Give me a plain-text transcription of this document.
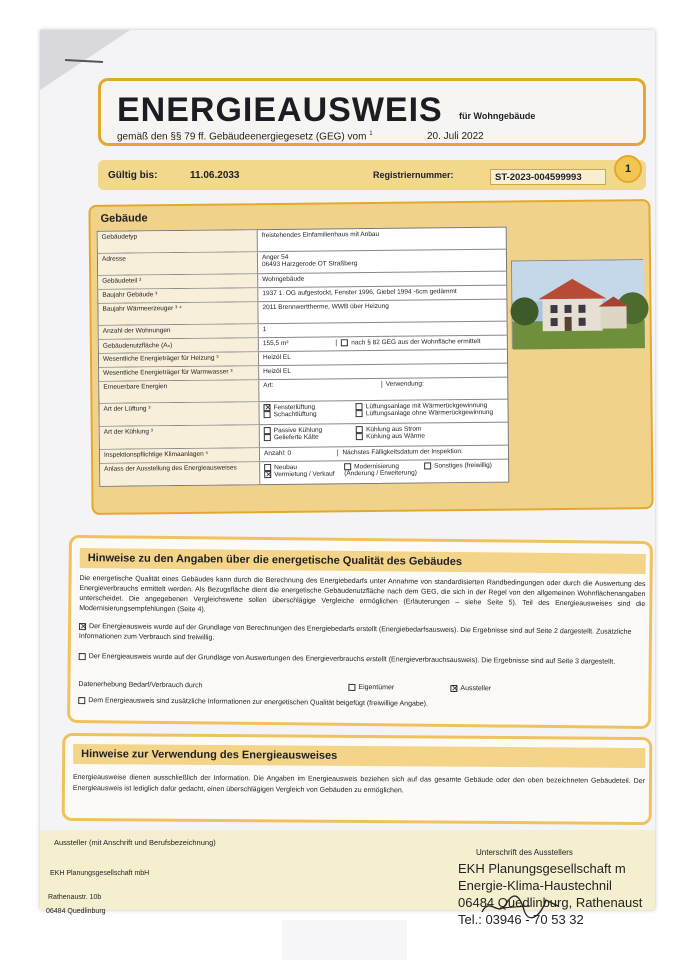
ENERGIEAUSWEIS für Wohngebäude
gemäß den §§ 79 ff. Gebäudeenergiegesetz (GEG) vom $^1$	20. Juli 2022
Gültig bis:	11.06.2033	Registriernummer:	ST-2023-004599993
1
Gebäude
Gebäudetyp	freistehendes Einfamilienhaus mit Anbau
Adresse	Anger 54
06493 Harzgerode OT Straßberg
Gebäudeteil ²	Wohngebäude
Baujahr Gebäude ³	1937 1. OG aufgestockt, Fenster 1996, Giebel 1994 -6cm gedämmt
Baujahr Wärmeerzeuger ³ ⁴	2011 Brennwerttherme, WWB über Heizung
Anzahl der Wohnungen	1
Gebäudenutzfläche (Aₙ)	155,5 m²	nach § 82 GEG aus der Wohnfläche ermittelt
Wesentliche Energieträger für Heizung ³	Heizöl EL
Wesentliche Energieträger für Warmwasser ³	Heizöl EL
Erneuerbare Energien	Art:	Verwendung:
Art der Lüftung ³ ✕	Fensterlüftung
Schachtlüftung
Lüftungsanlage mit Wärmerückgewinnung
Lüftungsanlage ohne Wärmerückgewinnung
Art der Kühlung ³	Passive Kühlung
Gelieferte Kälte
Kühlung aus Strom
Kühlung aus Wärme
Inspektionspflichtige Klimaanlagen ⁵	Anzahl: 0	Nächstes Fälligkeitsdatum der Inspektion:
Anlass der Ausstellung des Energieausweises	Neubau
✕Vermietung / Verkauf
Modernisierung
(Änderung / Erweiterung)
Sonstiges (freiwillig)
Hinweise zu den Angaben über die energetische Qualität des Gebäudes
Die energetische Qualität eines Gebäudes kann durch die Berechnung des Energiebedarfs unter Annahme von standardisierten Randbedingungen oder durch die Auswertung des Energieverbrauchs ermittelt werden. Als Bezugsfläche dient die energetische Gebäudenutzfläche nach dem GEG, die sich in der Regel von den allgemeinen Wohnflächenangaben unterscheidet. Die angegebenen Vergleichswerte sollen überschlägige Vergleiche ermöglichen (Erläuterungen – siehe Seite 5). Teil des Energieausweises sind die Modernisierungsempfehlungen (Seite 4).
✕Der Energieausweis wurde auf der Grundlage von Berechnungen des Energiebedarfs erstellt (Energiebedarfsausweis). Die Ergebnisse sind auf Seite 2 dargestellt. Zusätzliche Informationen zum Verbrauch sind freiwillig.
Der Energieausweis wurde auf der Grundlage von Auswertungen des Energieverbrauchs erstellt (Energieverbrauchsausweis). Die Ergebnisse sind auf Seite 3 dargestellt.
Datenerhebung Bedarf/Verbrauch durch	Eigentümer ✕	Aussteller
Dem Energieausweis sind zusätzliche Informationen zur energetischen Qualität beigefügt (freiwillige Angabe).
Hinweise zur Verwendung des Energieausweises
Energieausweise dienen ausschließlich der Information. Die Angaben im Energieausweis beziehen sich auf das gesamte Gebäude oder den oben bezeichneten Gebäudeteil. Der Energieausweis ist lediglich dafür gedacht, einen überschlägigen Vergleich von Gebäuden zu ermöglichen.
Aussteller (mit Anschrift und Berufsbezeichnung)
EKH Planungsgesellschaft mbH
Rathenaustr. 10b
06484 Quedlinburg
Unterschrift des Ausstellers
EKH Planungsgesellschaft m
Energie-Klima-Haustechnil
06484 Quedlinburg, Rathenaust
Tel.: 03946 - 70 53 32
